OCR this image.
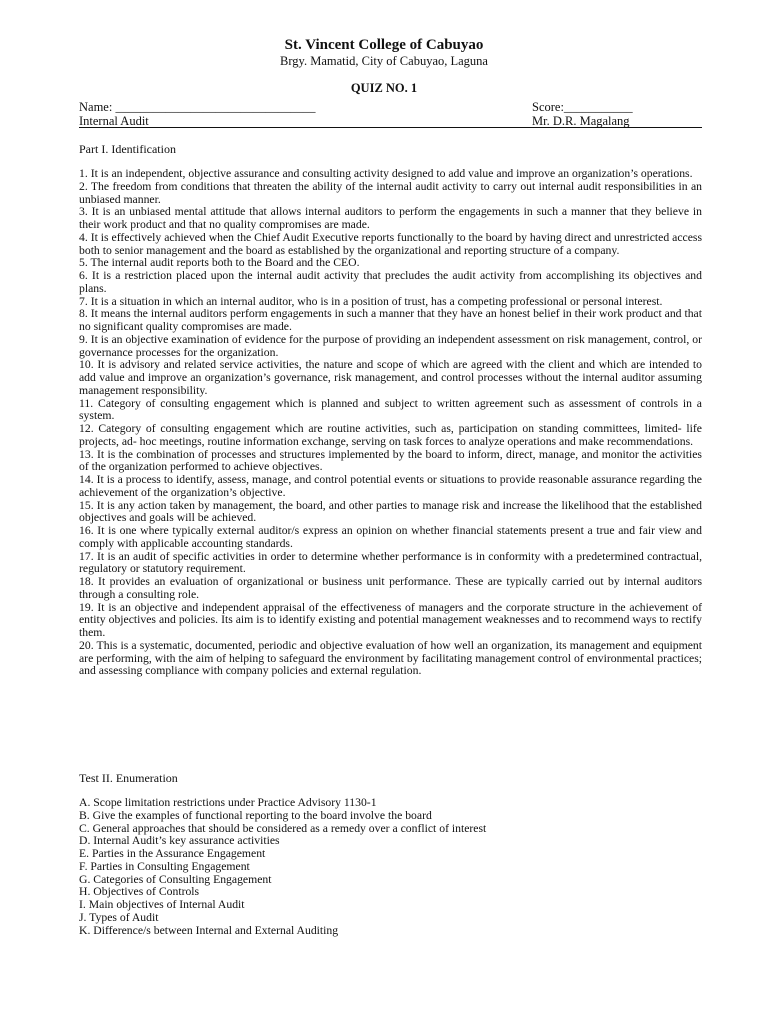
St. Vincent College of Cabuyao
Brgy. Mamatid, City of Cabuyao, Laguna
QUIZ NO. 1
Name: ________________________________	Score:___________
Internal Audit	Mr. D.R. Magalang
Part I. Identification
1. It is an independent, objective assurance and consulting activity designed to add value and improve an organization’s operations.
2. The freedom from conditions that threaten the ability of the internal audit activity to carry out internal audit responsibilities in an unbiased manner.
3. It is an unbiased mental attitude that allows internal auditors to perform the engagements in such a manner that they believe in their work product and that no quality compromises are made.
4. It is effectively achieved when the Chief Audit Executive reports functionally to the board by having direct and unrestricted access both to senior management and the board as established by the organizational and reporting structure of a company.
5. The internal audit reports both to the Board and the CEO.
6. It is a restriction placed upon the internal audit activity that precludes the audit activity from accomplishing its objectives and plans.
7. It is a situation in which an internal auditor, who is in a position of trust, has a competing professional or personal interest.
8. It means the internal auditors perform engagements in such a manner that they have an honest belief in their work product and that no significant quality compromises are made.
9. It is an objective examination of evidence for the purpose of providing an independent assessment on risk management, control, or governance processes for the organization.
10. It is advisory and related service activities, the nature and scope of which are agreed with the client and which are intended to add value and improve an organization’s governance, risk management, and control processes without the internal auditor assuming management responsibility.
11. Category of consulting engagement which is planned and subject to written agreement such as assessment of controls in a system.
12. Category of consulting engagement which are routine activities, such as, participation on standing committees, limited- life projects, ad- hoc meetings, routine information exchange, serving on task forces to analyze operations and make recommendations.
13. It is the combination of processes and structures implemented by the board to inform, direct, manage, and monitor the activities of the organization performed to achieve objectives.
14. It is a process to identify, assess, manage, and control potential events or situations to provide reasonable assurance regarding the achievement of the organization’s objective.
15. It is any action taken by management, the board, and other parties to manage risk and increase the likelihood that the established objectives and goals will be achieved.
16. It is one where typically external auditor/s express an opinion on whether financial statements present a true and fair view and comply with applicable accounting standards.
17. It is an audit of specific activities in order to determine whether performance is in conformity with a predetermined contractual, regulatory or statutory requirement.
18. It provides an evaluation of organizational or business unit performance. These are typically carried out by internal auditors through a consulting role.
19. It is an objective and independent appraisal of the effectiveness of managers and the corporate structure in the achievement of entity objectives and policies. Its aim is to identify existing and potential management weaknesses and to recommend ways to rectify them.
20. This is a systematic, documented, periodic and objective evaluation of how well an organization, its management and equipment are performing, with the aim of helping to safeguard the environment by facilitating management control of environmental practices; and assessing compliance with company policies and external regulation.
Test II. Enumeration
A. Scope limitation restrictions under Practice Advisory 1130-1
B. Give the examples of functional reporting to the board involve the board
C. General approaches that should be considered as a remedy over a conflict of interest
D. Internal Audit’s key assurance activities
E. Parties in the Assurance Engagement
F. Parties in Consulting Engagement
G. Categories of Consulting Engagement
H. Objectives of Controls
I. Main objectives of Internal Audit
J. Types of Audit
K. Difference/s between Internal and External Auditing
